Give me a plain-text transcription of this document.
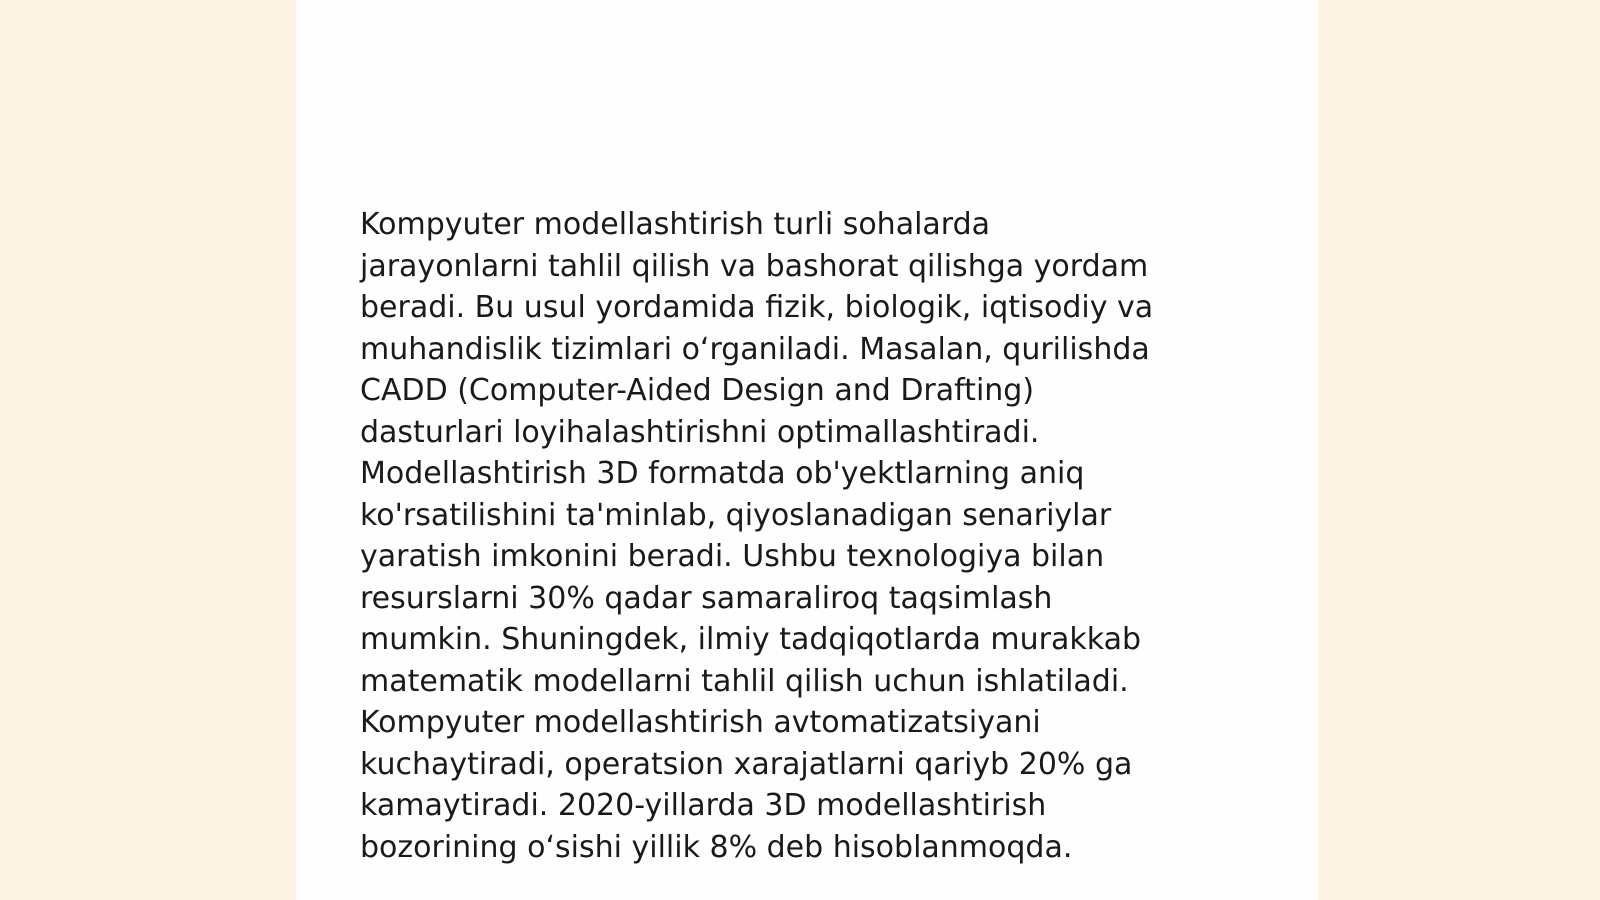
Kompyuter modellashtirish turli sohalarda
jarayonlarni tahlil qilish va bashorat qilishga yordam
beradi. Bu usul yordamida fizik, biologik, iqtisodiy va
muhandislik tizimlari o‘rganiladi. Masalan, qurilishda
CADD (Computer-Aided Design and Drafting)
dasturlari loyihalashtirishni optimallashtiradi.
Modellashtirish 3D formatda ob'yektlarning aniq
ko'rsatilishini ta'minlab, qiyoslanadigan senariylar
yaratish imkonini beradi. Ushbu texnologiya bilan
resurslarni 30% qadar samaraliroq taqsimlash
mumkin. Shuningdek, ilmiy tadqiqotlarda murakkab
matematik modellarni tahlil qilish uchun ishlatiladi.
Kompyuter modellashtirish avtomatizatsiyani
kuchaytiradi, operatsion xarajatlarni qariyb 20% ga
kamaytiradi. 2020-yillarda 3D modellashtirish
bozorining o‘sishi yillik 8% deb hisoblanmoqda.
